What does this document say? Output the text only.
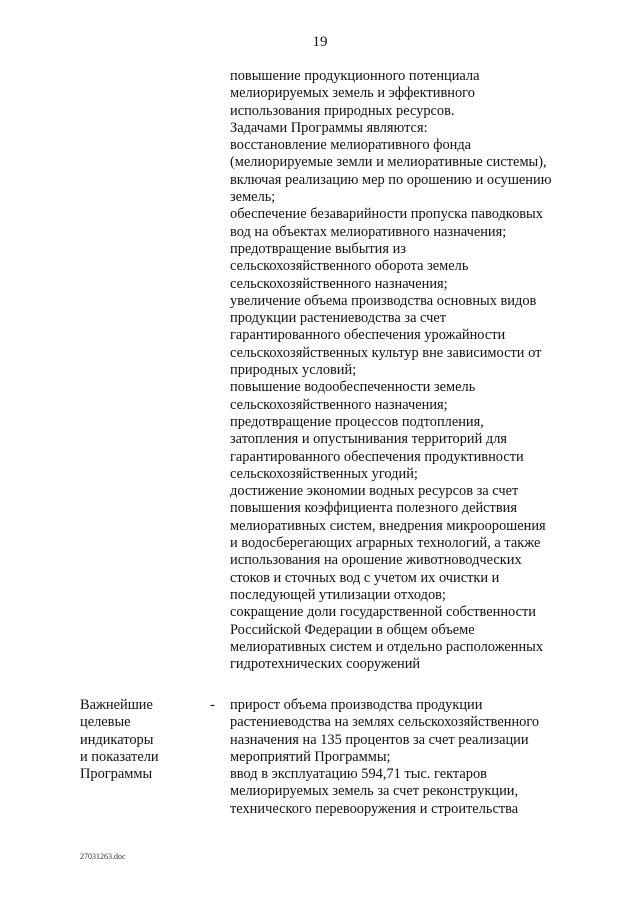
19
повышение продукционного потенциала
мелиорируемых земель и эффективного
использования природных ресурсов.
Задачами Программы являются:
восстановление мелиоративного фонда
(мелиорируемые земли и мелиоративные системы),
включая реализацию мер по орошению и осушению
земель;
обеспечение безаварийности пропуска паводковых
вод на объектах мелиоративного назначения;
предотвращение выбытия из
сельскохозяйственного оборота земель
сельскохозяйственного назначения;
увеличение объема производства основных видов
продукции растениеводства за счет
гарантированного обеспечения урожайности
сельскохозяйственных культур вне зависимости от
природных условий;
повышение водообеспеченности земель
сельскохозяйственного назначения;
предотвращение процессов подтопления,
затопления и опустынивания территорий для
гарантированного обеспечения продуктивности
сельскохозяйственных угодий;
достижение экономии водных ресурсов за счет
повышения коэффициента полезного действия
мелиоративных систем, внедрения микроорошения
и водосберегающих аграрных технологий, а также
использования на орошение животноводческих
стоков и сточных вод с учетом их очистки и
последующей утилизации отходов;
сокращение доли государственной собственности
Российской Федерации в общем объеме
мелиоративных систем и отдельно расположенных
гидротехнических сооружений
Важнейшие
целевые
индикаторы
и показатели
Программы
- прирост объема производства продукции
растениеводства на землях сельскохозяйственного
назначения на 135 процентов за счет реализации
мероприятий Программы;
ввод в эксплуатацию 594,71 тыс. гектаров
мелиорируемых земель за счет реконструкции,
технического перевооружения и строительства
27031263.doc
